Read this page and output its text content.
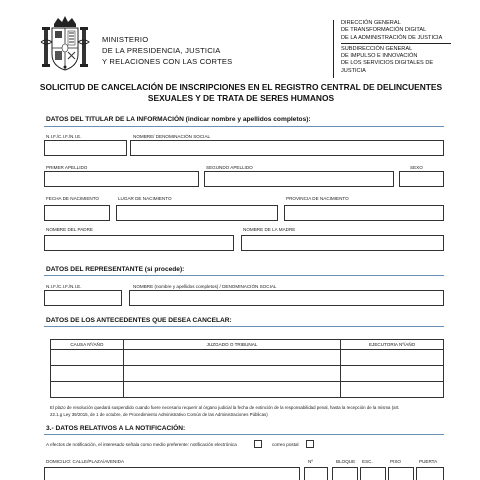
MINISTERIO
DE LA PRESIDENCIA, JUSTICIA
Y RELACIONES CON LAS CORTES
DIRECCIÓN GENERAL
DE TRANSFORMACIÓN DIGITAL
DE LA ADMINISTRACIÓN DE JUSTICIA
SUBDIRECCIÓN GENERAL
DE IMPULSO E INNOVACIÓN
DE LOS SERVICIOS DIGITALES DE JUSTICIA
SOLICITUD DE CANCELACIÓN DE INSCRIPCIONES EN EL REGISTRO CENTRAL DE DELINCUENTES
SEXUALES Y DE TRATA DE SERES HUMANOS
DATOS DEL TITULAR DE LA INFORMACIÓN (indicar nombre y apellidos completos):
N.I.F./C.I.F./N.I.E.	NOMBRE/ DENOMINACIÓN SOCIAL
PRIMER APELLIDO	SEGUNDO APELLIDO	SEXO
FECHA DE NACIMIENTO	LUGAR DE NACIMIENTO	PROVINCIA DE NACIMIENTO
NOMBRE DEL PADRE	NOMBRE DE LA MADRE
DATOS DEL REPRESENTANTE (si procede):
N.I.F./C.I.F./N.I.E.	NOMBRE (nombre y apellidos completos) / DENOMINACIÓN SOCIAL
DATOS DE LOS ANTECEDENTES QUE DESEA CANCELAR:
CAUSA Nº/AÑO	JUZGADO O TRIBUNAL	EJECUTORIA Nº/AÑO

El plazo de resolución quedará suspendido cuando fuere necesario requerir al órgano judicial la fecha de extinción de la responsabilidad penal, hasta la recepción de la misma (art.
22.1.g Ley 39/2015, de 1 de octubre, de Procedimiento Administrativo Común de las Administraciones Públicas)
3.- DATOS RELATIVOS A LA NOTIFICACIÓN:
A efectos de notificación, el interesado señala como medio preferente: notificación electrónica	correo postal
DOMICILIO: CALLE/PLAZA/AVENIDA	Nº	BLOQUE ESC.	PISO	PUERTA
